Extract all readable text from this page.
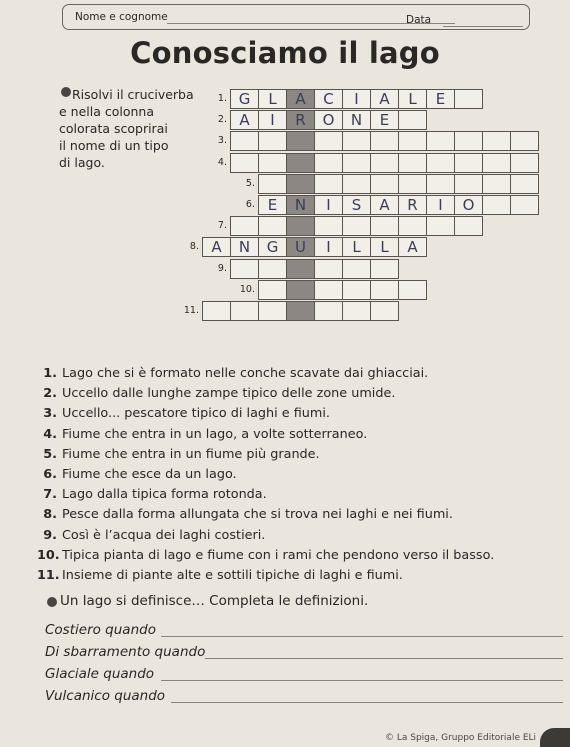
Nome e cognome	Data
Conosciamo il lago
Risolvi il cruciverba
e nella colonna
colorata scoprirai
il nome di un tipo
di lago.
1. G	L	A	C	I	A	L	E
2. A	I	R	O	N	E
3.
4.
5.
6. E	N	I	S	A	R	I	O
7.
8. A	N	G	U	I	L	L	A
9.
10.
11.
1. Lago che si è formato nelle conche scavate dai ghiacciai.
2. Uccello dalle lunghe zampe tipico delle zone umide.
3. Uccello... pescatore tipico di laghi e fiumi.
4. Fiume che entra in un lago, a volte sotterraneo.
5. Fiume che entra in un fiume più grande.
6. Fiume che esce da un lago.
7. Lago dalla tipica forma rotonda.
8. Pesce dalla forma allungata che si trova nei laghi e nei fiumi.
9. Così è l’acqua dei laghi costieri.
10. Tipica pianta di lago e fiume con i rami che pendono verso il basso.
11. Insieme di piante alte e sottili tipiche di laghi e fiumi.
Un lago si definisce… Completa le definizioni.
Costiero quando
Di sbarramento quando
Glaciale quando
Vulcanico quando
© La Spiga, Gruppo Editoriale ELi
